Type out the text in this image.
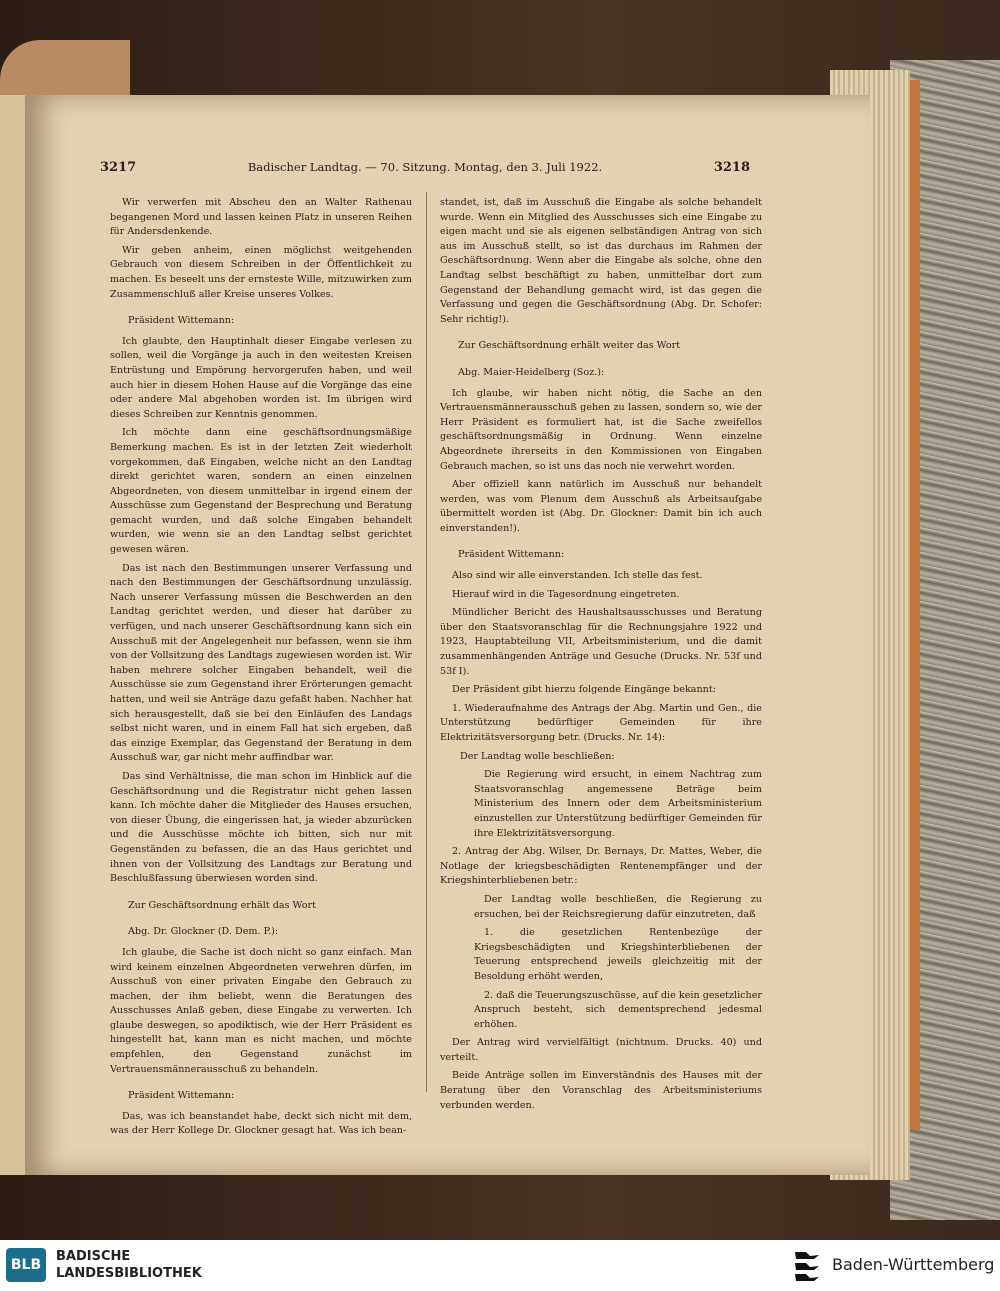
3217	3218
Badischer Landtag. — 70. Sitzung. Montag, den 3. Juli 1922.

Wir verwerfen mit Abscheu den an Walter Rathenau begangenen Mord und lassen keinen Platz in unseren Reihen für Andersdenkende.

Wir geben anheim, einen möglichst weitgehenden Gebrauch von diesem Schreiben in der Öffentlichkeit zu machen. Es beseelt uns der ernsteste Wille, mitzuwirken zum Zusammenschluß aller Kreise unseres Volkes.

Präsident Wittemann:

Ich glaubte, den Hauptinhalt dieser Eingabe verlesen zu sollen, weil die Vorgänge ja auch in den weitesten Kreisen Entrüstung und Empörung hervorgerufen haben, und weil auch hier in diesem Hohen Hause auf die Vorgänge das eine oder andere Mal abgehoben worden ist. Im übrigen wird dieses Schreiben zur Kenntnis genommen.

Ich möchte dann eine geschäftsordnungsmäßige Bemerkung machen. Es ist in der letzten Zeit wiederholt vorgekommen, daß Eingaben, welche nicht an den Landtag direkt gerichtet waren, sondern an einen einzelnen Abgeordneten, von diesem unmittelbar in irgend einem der Ausschüsse zum Gegenstand der Besprechung und Beratung gemacht wurden, und daß solche Eingaben behandelt wurden, wie wenn sie an den Landtag selbst gerichtet gewesen wären.

Das ist nach den Bestimmungen unserer Verfassung und nach den Bestimmungen der Geschäftsordnung unzulässig. Nach unserer Verfassung müssen die Beschwerden an den Landtag gerichtet werden, und dieser hat darüber zu verfügen, und nach unserer Geschäftsordnung kann sich ein Ausschuß mit der Angelegenheit nur befassen, wenn sie ihm von der Vollsitzung des Landtags zugewiesen worden ist. Wir haben mehrere solcher Eingaben behandelt, weil die Ausschüsse sie zum Gegenstand ihrer Erörterungen gemacht hatten, und weil sie Anträge dazu gefaßt haben. Nachher hat sich herausgestellt, daß sie bei den Einläufen des Landags selbst nicht waren, und in einem Fall hat sich ergeben, daß das einzige Exemplar, das Gegenstand der Beratung in dem Ausschuß war, gar nicht mehr auffindbar war.

Das sind Verhältnisse, die man schon im Hinblick auf die Geschäftsordnung und die Registratur nicht gehen lassen kann. Ich möchte daher die Mitglieder des Hauses ersuchen, von dieser Übung, die eingerissen hat, ja wieder abzurücken und die Ausschüsse möchte ich bitten, sich nur mit Gegenständen zu befassen, die an das Haus gerichtet und ihnen von der Vollsitzung des Landtags zur Beratung und Beschlußfassung überwiesen worden sind.

Zur Geschäftsordnung erhält das Wort

Abg. Dr. Glockner (D. Dem. P.):

Ich glaube, die Sache ist doch nicht so ganz einfach. Man wird keinem einzelnen Abgeordneten verwehren dürfen, im Ausschuß von einer privaten Eingabe den Gebrauch zu machen, der ihm beliebt, wenn die Beratungen des Ausschusses Anlaß geben, diese Eingabe zu verwerten. Ich glaube deswegen, so apodiktisch, wie der Herr Präsident es hingestellt hat, kann man es nicht machen, und möchte empfehlen, den Gegenstand zunächst im Vertrauensmännerausschuß zu behandeln.

Präsident Wittemann:

Das, was ich beanstandet habe, deckt sich nicht mit dem, was der Herr Kollege Dr. Glockner gesagt hat. Was ich bean-

standet, ist, daß im Ausschuß die Eingabe als solche behandelt wurde. Wenn ein Mitglied des Ausschusses sich eine Eingabe zu eigen macht und sie als eigenen selbständigen Antrag von sich aus im Ausschuß stellt, so ist das durchaus im Rahmen der Geschäftsordnung. Wenn aber die Eingabe als solche, ohne den Landtag selbst beschäftigt zu haben, unmittelbar dort zum Gegenstand der Behandlung gemacht wird, ist das gegen die Verfassung und gegen die Geschäftsordnung (Abg. Dr. Schofer: Sehr richtig!).

Zur Geschäftsordnung erhält weiter das Wort

Abg. Maier-Heidelberg (Soz.):

Ich glaube, wir haben nicht nötig, die Sache an den Vertrauensmännerausschuß gehen zu lassen, sondern so, wie der Herr Präsident es formuliert hat, ist die Sache zweifellos geschäftsordnungsmäßig in Ordnung. Wenn einzelne Abgeordnete ihrerseits in den Kommissionen von Eingaben Gebrauch machen, so ist uns das noch nie verwehrt worden.

Aber offiziell kann natürlich im Ausschuß nur behandelt werden, was vom Plenum dem Ausschuß als Arbeitsaufgabe übermittelt worden ist (Abg. Dr. Glockner: Damit bin ich auch einverstanden!).

Präsident Wittemann:

Also sind wir alle einverstanden. Ich stelle das fest.

Hierauf wird in die Tagesordnung eingetreten.

Mündlicher Bericht des Haushaltsausschusses und Beratung über den Staatsvoranschlag für die Rechnungsjahre 1922 und 1923, Hauptabteilung VII, Arbeitsministerium, und die damit zusammenhängenden Anträge und Gesuche (Drucks. Nr. 53f und 53f I).

Der Präsident gibt hierzu folgende Eingänge bekannt:

1. Wiederaufnahme des Antrags der Abg. Martin und Gen., die Unterstützung bedürftiger Gemeinden für ihre Elektrizitätsversorgung betr. (Drucks. Nr. 14):

Der Landtag wolle beschließen:

Die Regierung wird ersucht, in einem Nachtrag zum Staatsvoranschlag angemessene Beträge beim Ministerium des Innern oder dem Arbeitsministerium einzustellen zur Unterstützung bedürftiger Gemeinden für ihre Elektrizitätsversorgung.

2. Antrag der Abg. Wilser, Dr. Bernays, Dr. Mattes, Weber, die Notlage der kriegsbeschädigten Rentenempfänger und der Kriegshinterbliebenen betr.:

Der Landtag wolle beschließen, die Regierung zu ersuchen, bei der Reichsregierung dafür einzutreten, daß

1. die gesetzlichen Rentenbezüge der Kriegsbeschädigten und Kriegshinterbliebenen der Teuerung entsprechend jeweils gleichzeitig mit der Besoldung erhöht werden,

2. daß die Teuerungszuschüsse, auf die kein gesetzlicher Anspruch besteht, sich dementsprechend jedesmal erhöhen.

Der Antrag wird vervielfältigt (nichtnum. Drucks. 40) und verteilt.

Beide Anträge sollen im Einverständnis des Hauses mit der Beratung über den Voranschlag des Arbeitsministeriums verbunden werden.

BLB
BADISCHE
LANDESBIBLIOTHEK	Baden-Württemberg
